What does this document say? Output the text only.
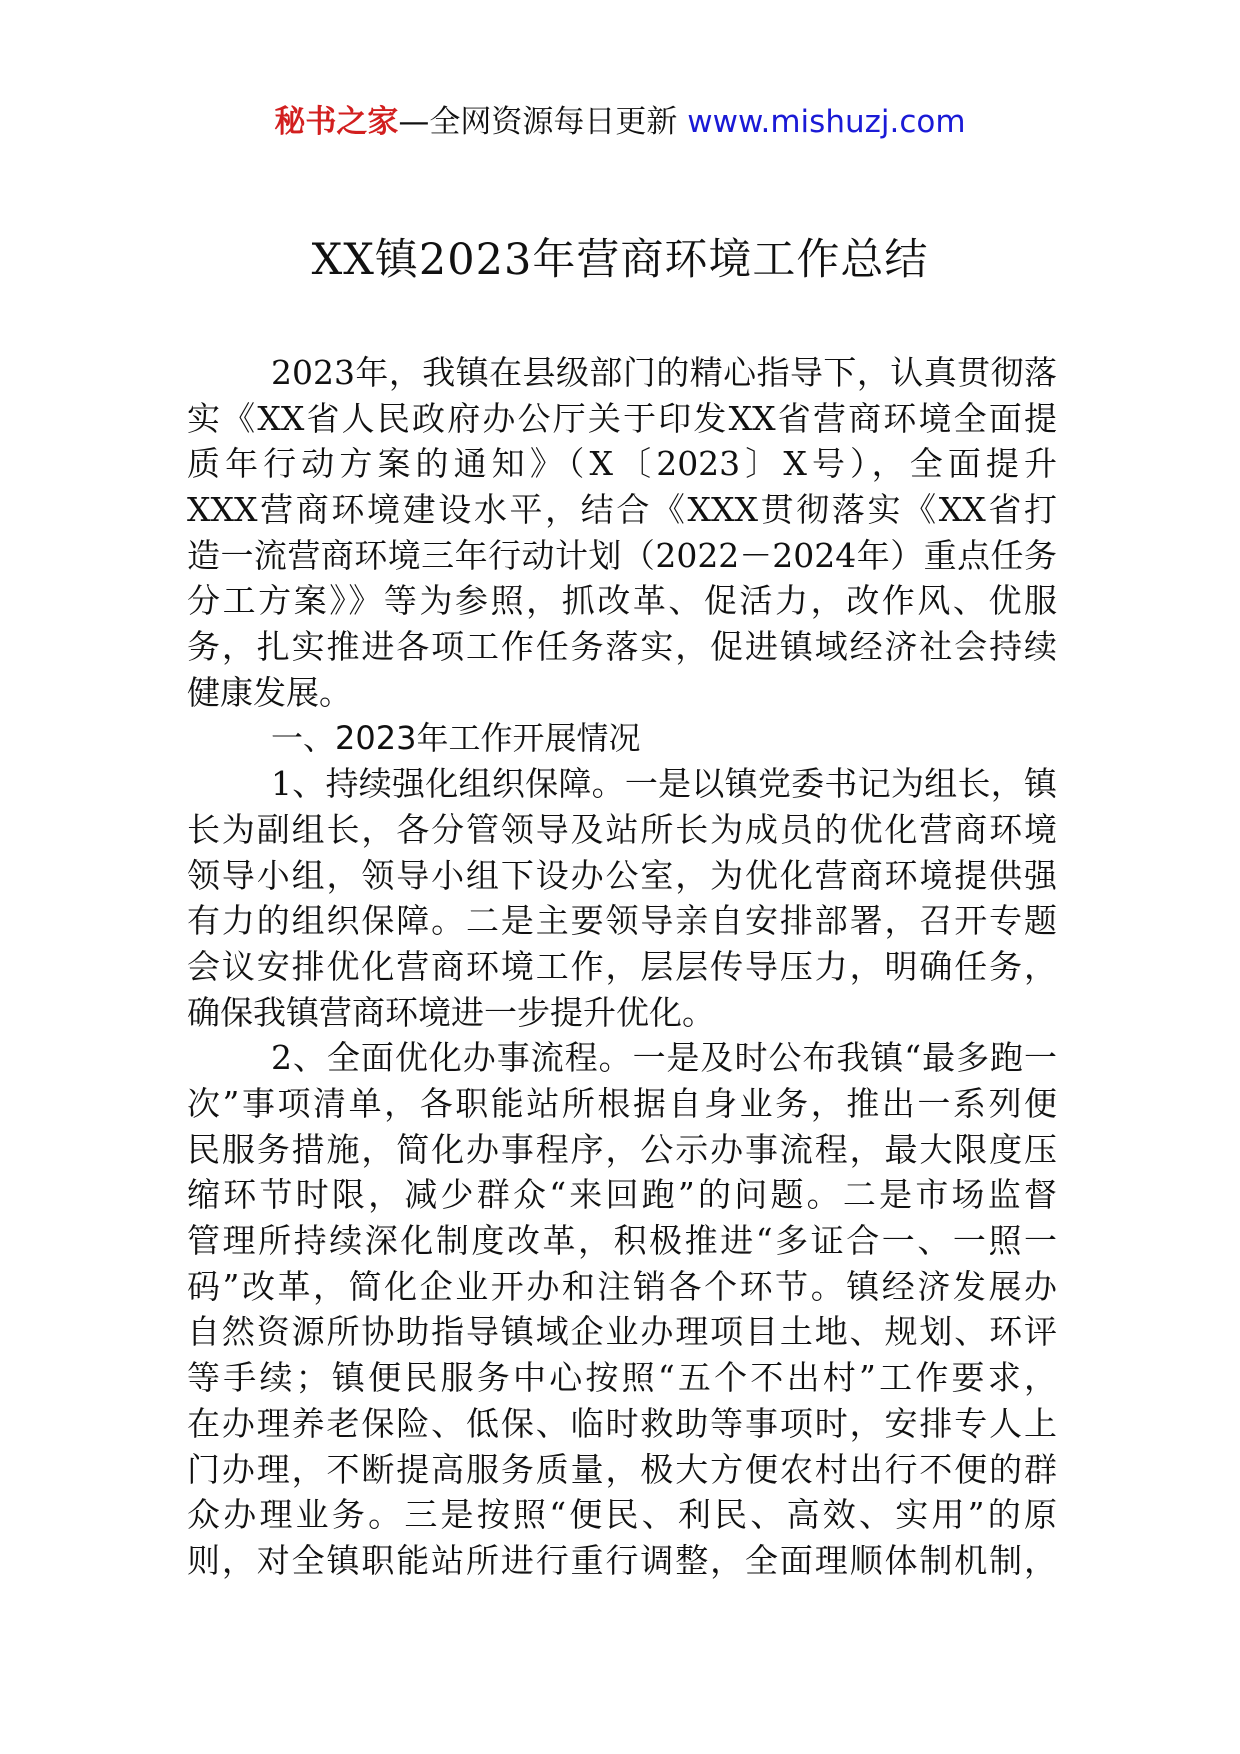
秘书之家—全网资源每日更新 www.mishuzj.com
XX镇2023年营商环境工作总结
2023年，我镇在县级部门的精心指导下，认真贯彻落
实《XX省人民政府办公厅关于印发XX省营商环境全面提
质年行动方案的通知》（X〔2023〕X号），全面提升
XXX营商环境建设水平，结合《XXX贯彻落实《XX省打
造一流营商环境三年行动计划（2022－2024年）重点任务
分工方案》》等为参照，抓改革、促活力，改作风、优服
务，扎实推进各项工作任务落实，促进镇域经济社会持续
健康发展。
一、2023年工作开展情况
1、持续强化组织保障。一是以镇党委书记为组长，镇
长为副组长，各分管领导及站所长为成员的优化营商环境
领导小组，领导小组下设办公室，为优化营商环境提供强
有力的组织保障。二是主要领导亲自安排部署，召开专题
会议安排优化营商环境工作，层层传导压力，明确任务，
确保我镇营商环境进一步提升优化。
2、全面优化办事流程。一是及时公布我镇“最多跑一
次”事项清单，各职能站所根据自身业务，推出一系列便
民服务措施，简化办事程序，公示办事流程，最大限度压
缩环节时限，减少群众“来回跑”的问题。二是市场监督
管理所持续深化制度改革，积极推进“多证合一、一照一
码”改革，简化企业开办和注销各个环节。镇经济发展办
自然资源所协助指导镇域企业办理项目土地、规划、环评
等手续；镇便民服务中心按照“五个不出村”工作要求，
在办理养老保险、低保、临时救助等事项时，安排专人上
门办理，不断提高服务质量，极大方便农村出行不便的群
众办理业务。三是按照“便民、利民、高效、实用”的原
则，对全镇职能站所进行重行调整，全面理顺体制机制，
